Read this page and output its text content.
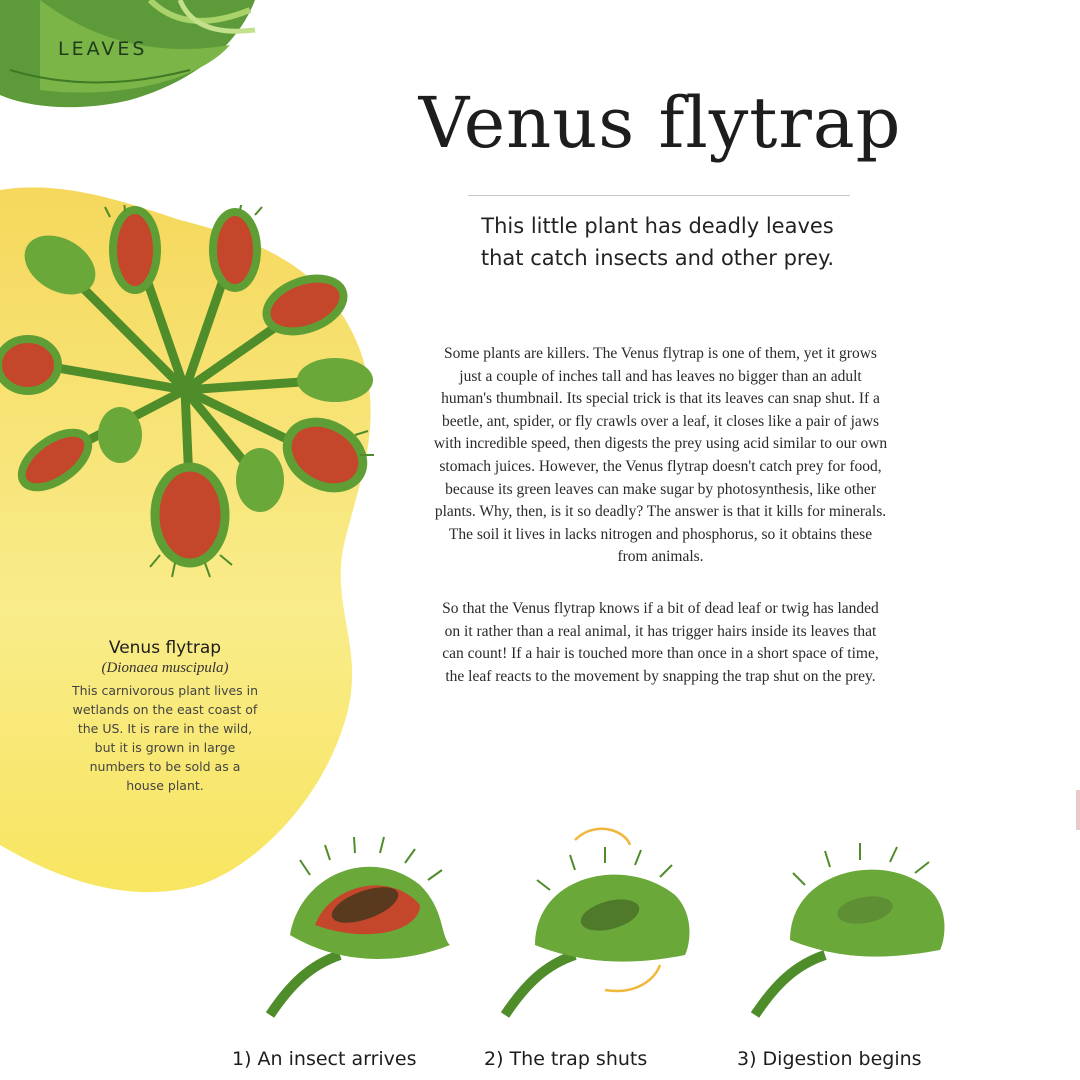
LEAVES
Venus flytrap
(Dionaea muscipula)
This carnivorous plant lives in wetlands on the east coast of the US. It is rare in the wild, but it is grown in large numbers to be sold as a house plant.
Venus flytrap
This little plant has deadly leaves that catch insects and other prey.
Some plants are killers. The Venus flytrap is one of them, yet it grows just a couple of inches tall and has leaves no bigger than an adult human's thumbnail. Its special trick is that its leaves can snap shut. If a beetle, ant, spider, or fly crawls over a leaf, it closes like a pair of jaws with incredible speed, then digests the prey using acid similar to our own stomach juices. However, the Venus flytrap doesn't catch prey for food, because its green leaves can make sugar by photosynthesis, like other plants. Why, then, is it so deadly? The answer is that it kills for minerals. The soil it lives in lacks nitrogen and phosphorus, so it obtains these from animals.
So that the Venus flytrap knows if a bit of dead leaf or twig has landed on it rather than a real animal, it has trigger hairs inside its leaves that can count! If a hair is touched more than once in a short space of time, the leaf reacts to the movement by snapping the trap shut on the prey.
1) An insect arrives	2) The trap shuts	3) Digestion begins
